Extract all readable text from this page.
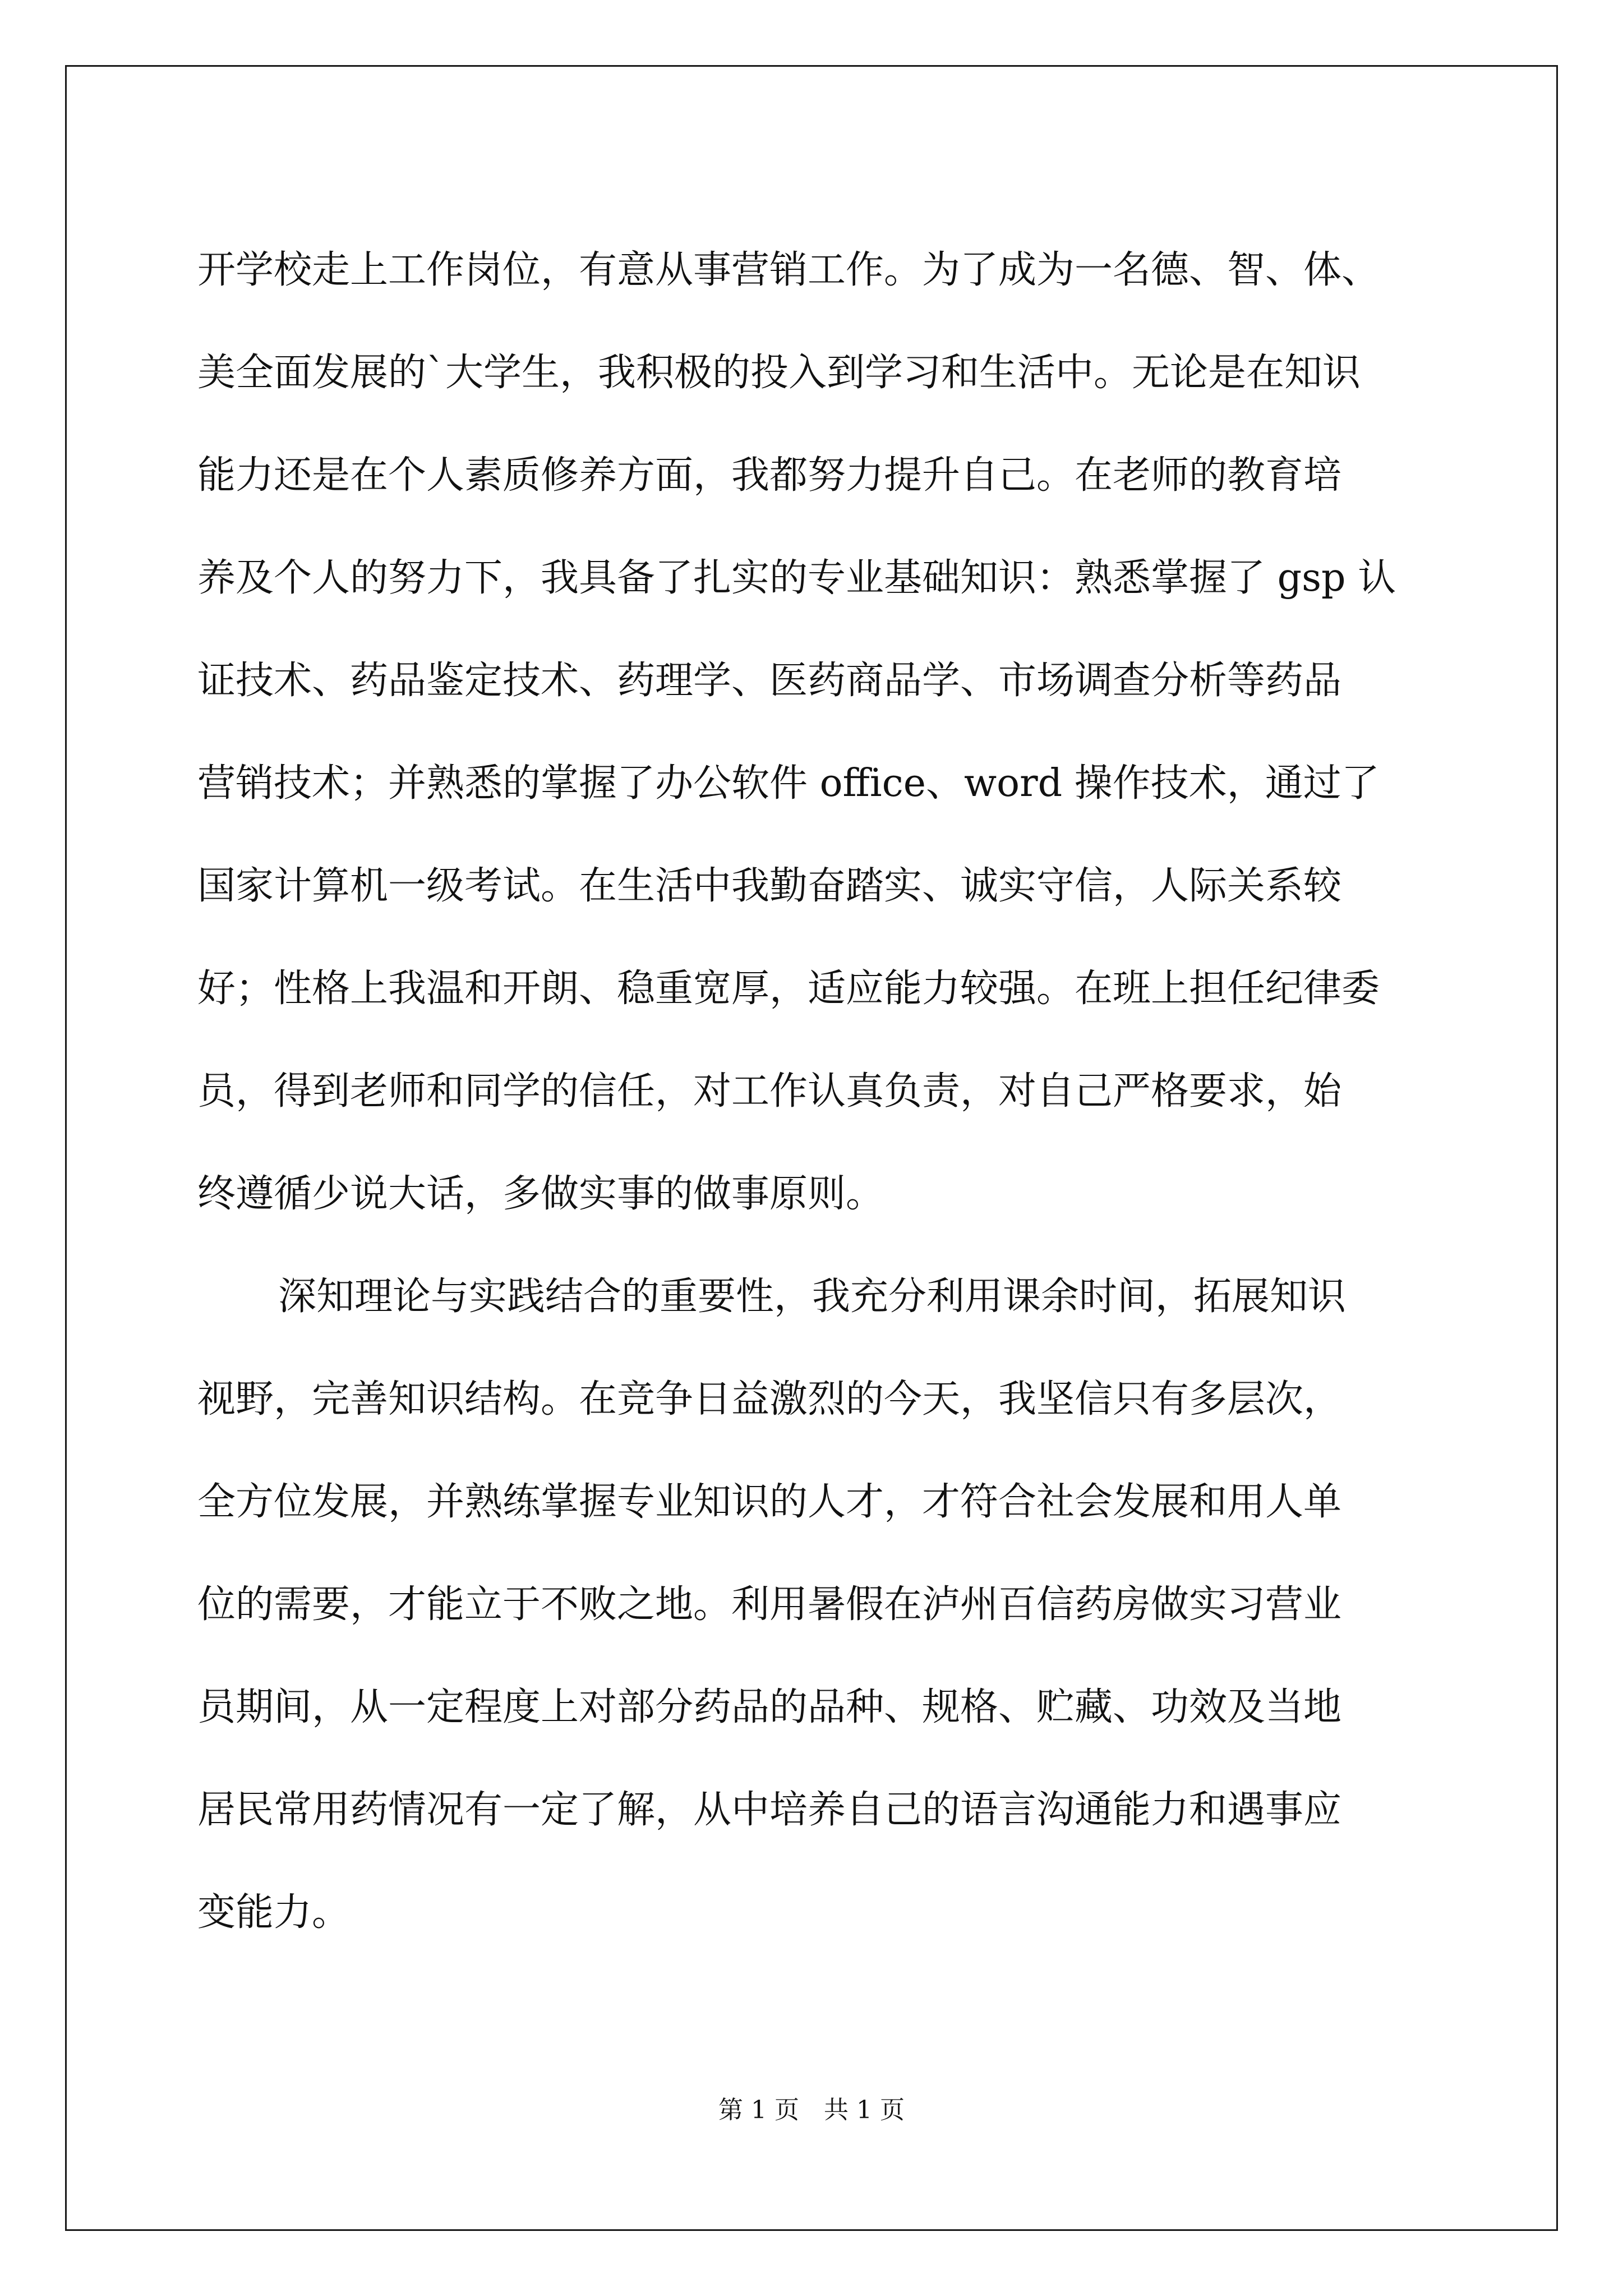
开学校走上工作岗位，有意从事营销工作。为了成为一名德、智、体、
美全面发展的`大学生，我积极的投入到学习和生活中。无论是在知识
能力还是在个人素质修养方面，我都努力提升自己。在老师的教育培
养及个人的努力下，我具备了扎实的专业基础知识：熟悉掌握了 gsp 认
证技术、药品鉴定技术、药理学、医药商品学、市场调查分析等药品
营销技术；并熟悉的掌握了办公软件 office、word 操作技术，通过了
国家计算机一级考试。在生活中我勤奋踏实、诚实守信，人际关系较
好；性格上我温和开朗、稳重宽厚，适应能力较强。在班上担任纪律委
员，得到老师和同学的信任，对工作认真负责，对自己严格要求，始
终遵循少说大话，多做实事的做事原则。
深知理论与实践结合的重要性，我充分利用课余时间，拓展知识
视野，完善知识结构。在竞争日益激烈的今天，我坚信只有多层次，
全方位发展，并熟练掌握专业知识的人才，才符合社会发展和用人单
位的需要，才能立于不败之地。利用暑假在泸州百信药房做实习营业
员期间，从一定程度上对部分药品的品种、规格、贮藏、功效及当地
居民常用药情况有一定了解，从中培养自己的语言沟通能力和遇事应
变能力。
第 1 页　共 1 页
